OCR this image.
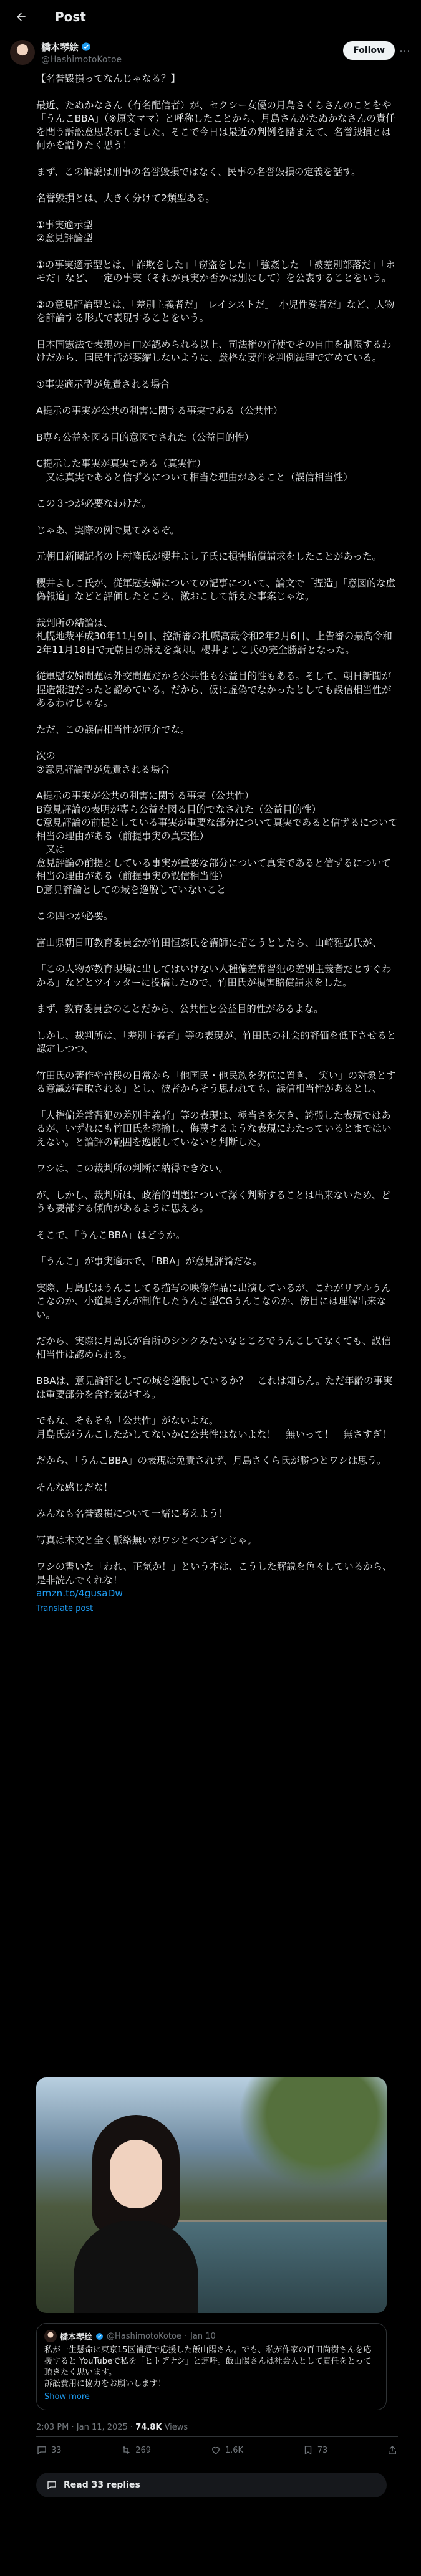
Post
橋本琴絵
@HashimotoKotoe
Follow	⋯

【名誉毀損ってなんじゃなる？】

最近、たぬかなさん（有名配信者）が、セクシー女優の月島さくらさんのことをや「うんこBBA」（※原文ママ）と呼称したことから、月島さんがたぬかなさんの責任を問う訴訟意思表示しました。そこで今日は最近の判例を踏まえて、名誉毀損とは何かを語りたく思う！

まず、この解説は刑事の名誉毀損ではなく、民事の名誉毀損の定義を話す。

名誉毀損とは、大きく分けて2類型ある。

①事実適示型

②意見評論型

①の事実適示型とは、「詐欺をした」「窃盗をした」「強姦した」「被差別部落だ」「ホモだ」など、一定の事実（それが真実か否かは別にして）を公表することをいう。

②の意見評論型とは、「差別主義者だ」「レイシストだ」「小児性愛者だ」など、人物を評論する形式で表現することをいう。

日本国憲法で表現の自由が認められる以上、司法権の行使でその自由を制限するわけだから、国民生活が萎縮しないように、厳格な要件を判例法理で定めている。

①事実適示型が免責される場合

A提示の事実が公共の利害に関する事実である（公共性）

B専ら公益を図る目的意図でされた（公益目的性）

C提示した事実が真実である（真実性）

　又は真実であると信ずるについて相当な理由があること（誤信相当性）

この３つが必要なわけだ。

じゃあ、実際の例で見てみるぞ。

元朝日新聞記者の上村隆氏が櫻井よし子氏に損害賠償請求をしたことがあった。

櫻井よしこ氏が、従軍慰安婦についての記事について、論文で「捏造」「意図的な虚偽報道」などと評価したところ、激おこして訴えた事案じゃな。

裁判所の結論は、

札幌地裁平成30年11月9日、控訴審の札幌高裁令和2年2月6日、上告審の最高令和2年11月18日で元朝日の訴えを棄却。櫻井よしこ氏の完全勝訴となった。

従軍慰安婦問題は外交問題だから公共性も公益目的性もある。そして、朝日新聞が捏造報道だったと認めている。だから、仮に虚偽でなかったとしても誤信相当性があるわけじゃな。

ただ、この誤信相当性が厄介でな。

次の

②意見評論型が免責される場合

A提示の事実が公共の利害に関する事実（公共性）

B意見評論の表明が専ら公益を図る目的でなされた（公益目的性）

C意見評論の前提としている事実が重要な部分について真実であると信ずるについて相当の理由がある（前提事実の真実性）

　又は

意見評論の前提としている事実が重要な部分について真実であると信ずるについて相当の理由がある（前提事実の誤信相当性）

D意見評論としての域を逸脱していないこと

この四つが必要。

富山県朝日町教育委員会が竹田恒泰氏を講師に招こうとしたら、山崎雅弘氏が、

「この人物が教育現場に出してはいけない人種偏差常習犯の差別主義者だとすぐわかる」などとツイッターに投稿したので、竹田氏が損害賠償請求をした。

まず、教育委員会のことだから、公共性と公益目的性があるよな。

しかし、裁判所は、「差別主義者」等の表現が、竹田氏の社会的評価を低下させると認定しつつ、

竹田氏の著作や普段の日常から「他国民・他民族を劣位に置き、「笑い」の対象とする意識が看取される」とし、彼者からそう思われても、誤信相当性があるとし、

「人権偏差常習犯の差別主義者」等の表現は、極当さを欠き、誇張した表現ではあるが、いずれにも竹田氏を揶揄し、侮蔑するような表現にわたっているとまではいえない。と論評の範囲を逸脱していないと判断した。

ワシは、この裁判所の判断に納得できない。

が、しかし、裁判所は、政治的問題について深く判断することは出来ないため、どうも要部する傾向があるように思える。

そこで、「うんこBBA」はどうか。

「うんこ」が事実適示で、「BBA」が意見評論だな。

実際、月島氏はうんこしてる描写の映像作品に出演しているが、これがリアルうんこなのか、小道具さんが制作したうんこ型CGうんこなのか、傍目には理解出来ない。

だから、実際に月島氏が台所のシンクみたいなところでうんこしてなくても、誤信相当性は認められる。

BBAは、意見論評としての域を逸脱しているか？　これは知らん。ただ年齢の事実は重要部分を含む気がする。

でもな、そもそも「公共性」がないよな。

月島氏がうんこしたかしてないかに公共性はないよな！　無いって！　無さすぎ！

だから、「うんこBBA」の表現は免責されず、月島さくら氏が勝つとワシは思う。

そんな感じだな！

みんなも名誉毀損について一緒に考えよう！

写真は本文と全く脈絡無いがワシとベンギンじゃ。

ワシの書いた「われ、正気か！」という本は、こうした解説を色々しているから、是非読んでくれな！

amzn.to/4gusaDw
Translate post
橋本琴絵 @HashimotoKotoe · Jan 10
私が一生懸命に東京15区補選で応援した飯山陽さん。でも、私が作家の百田尚樹さんを応援すると YouTubeで私を「ヒトデナシ」と連呼。飯山陽さんは社会人として責任をとって頂きたく思います。
訴訟費用に協力をお願いします！
Show more
2:03 PM · Jan 11, 2025 · 74.8K Views
33	269	1.6K	73
Read 33 replies
